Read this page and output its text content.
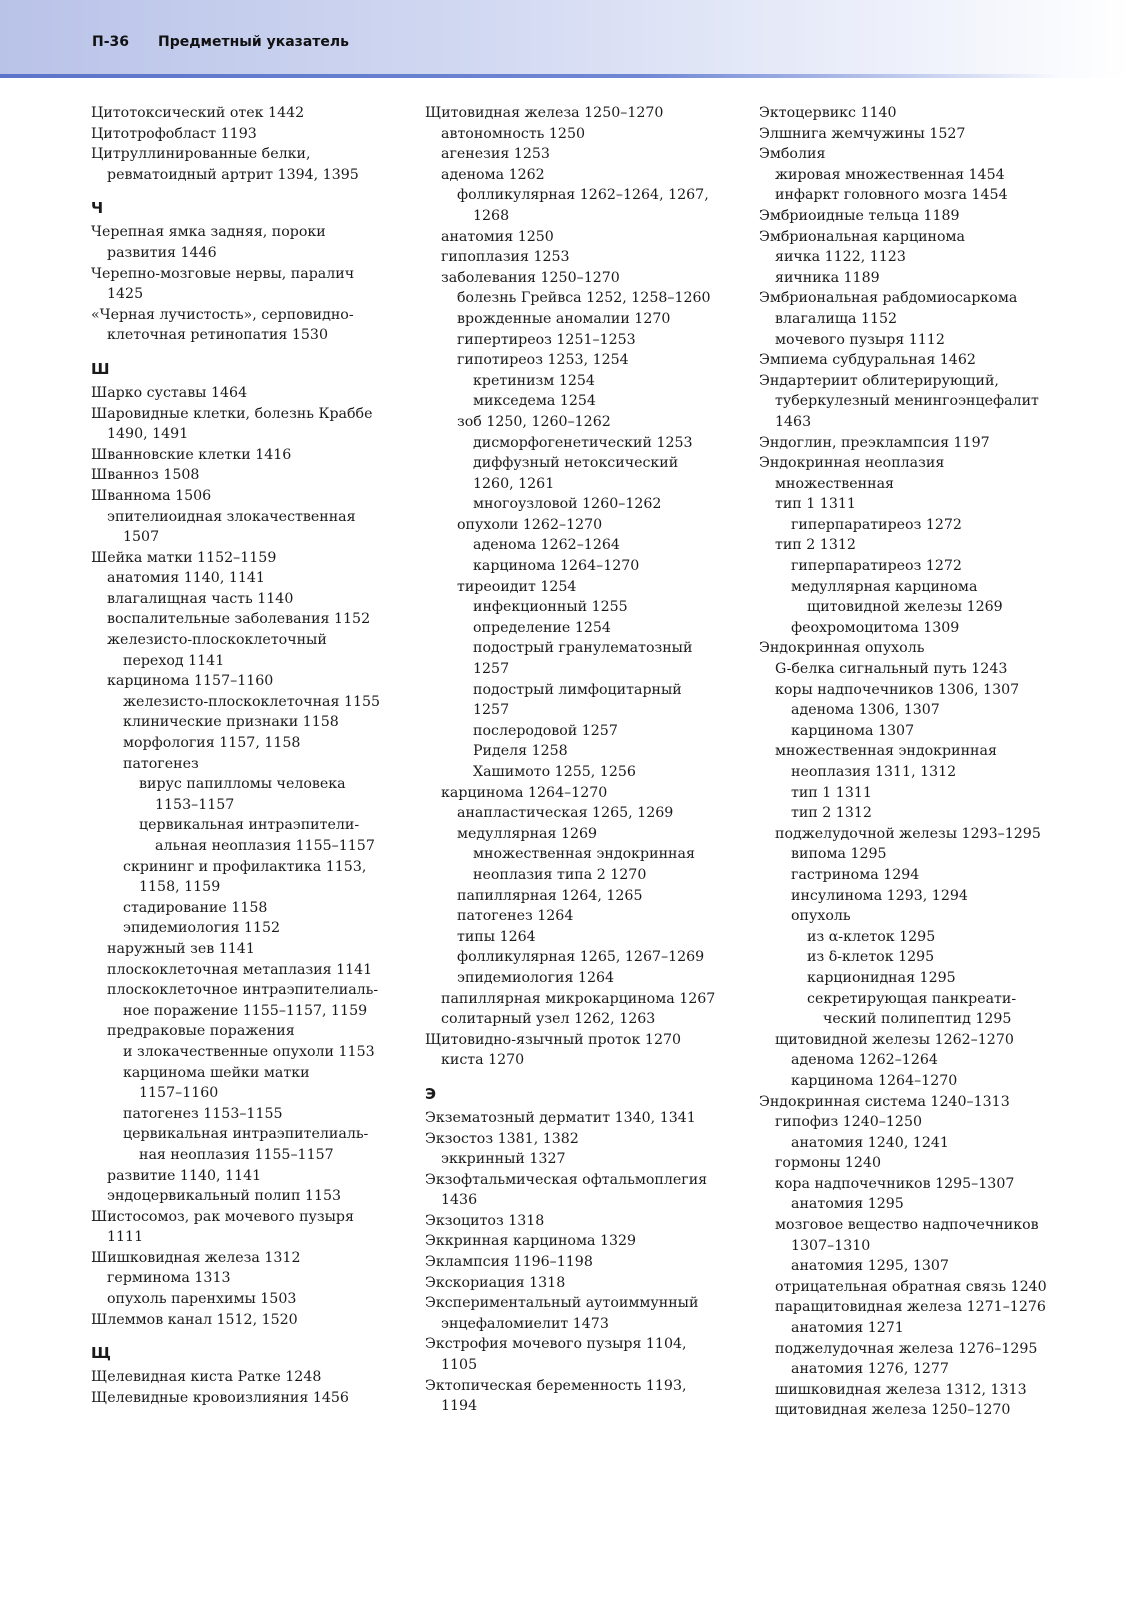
П-36 Предметный указатель
Цитотоксический отек 1442
Цитотрофобласт 1193
Цитруллинированные белки,
ревматоидный артрит 1394, 1395
Ч
Черепная ямка задняя, пороки
развития 1446
Черепно-мозговые нервы, паралич
1425
«Черная лучистость», серповидно-
клеточная ретинопатия 1530
Ш
Шарко суставы 1464
Шаровидные клетки, болезнь Краббе
1490, 1491
Шванновские клетки 1416
Шванноз 1508
Шваннома 1506
эпителиоидная злокачественная
1507
Шейка матки 1152–1159
анатомия 1140, 1141
влагалищная часть 1140
воспалительные заболевания 1152
железисто-плоскоклеточный
переход 1141
карцинома 1157–1160
железисто-плоскоклеточная 1155
клинические признаки 1158
морфология 1157, 1158
патогенез
вирус папилломы человека
1153–1157
цервикальная интраэпители-
альная неоплазия 1155–1157
скрининг и профилактика 1153,
1158, 1159
стадирование 1158
эпидемиология 1152
наружный зев 1141
плоскоклеточная метаплазия 1141
плоскоклеточное интраэпителиаль-
ное поражение 1155–1157, 1159
предраковые поражения
и злокачественные опухоли 1153
карцинома шейки матки
1157–1160
патогенез 1153–1155
цервикальная интраэпителиаль-
ная неоплазия 1155–1157
развитие 1140, 1141
эндоцервикальный полип 1153
Шистосомоз, рак мочевого пузыря
1111
Шишковидная железа 1312
герминома 1313
опухоль паренхимы 1503
Шлеммов канал 1512, 1520
Щ
Щелевидная киста Ратке 1248
Щелевидные кровоизлияния 1456
Щитовидная железа 1250–1270
автономность 1250
агенезия 1253
аденома 1262
фолликулярная 1262–1264, 1267,
1268
анатомия 1250
гипоплазия 1253
заболевания 1250–1270
болезнь Грейвса 1252, 1258–1260
врожденные аномалии 1270
гипертиреоз 1251–1253
гипотиреоз 1253, 1254
кретинизм 1254
микседема 1254
зоб 1250, 1260–1262
дисморфогенетический 1253
диффузный нетоксический
1260, 1261
многоузловой 1260–1262
опухоли 1262–1270
аденома 1262–1264
карцинома 1264–1270
тиреоидит 1254
инфекционный 1255
определение 1254
подострый гранулематозный
1257
подострый лимфоцитарный
1257
послеродовой 1257
Риделя 1258
Хашимото 1255, 1256
карцинома 1264–1270
анапластическая 1265, 1269
медуллярная 1269
множественная эндокринная
неоплазия типа 2 1270
папиллярная 1264, 1265
патогенез 1264
типы 1264
фолликулярная 1265, 1267–1269
эпидемиология 1264
папиллярная микрокарцинома 1267
солитарный узел 1262, 1263
Щитовидно-язычный проток 1270
киста 1270
Э
Экзематозный дерматит 1340, 1341
Экзостоз 1381, 1382
эккринный 1327
Экзофтальмическая офтальмоплегия
1436
Экзоцитоз 1318
Эккринная карцинома 1329
Эклампсия 1196–1198
Экскориация 1318
Экспериментальный аутоиммунный
энцефаломиелит 1473
Экстрофия мочевого пузыря 1104,
1105
Эктопическая беременность 1193,
1194
Эктоцервикс 1140
Элшнига жемчужины 1527
Эмболия
жировая множественная 1454
инфаркт головного мозга 1454
Эмбриоидные тельца 1189
Эмбриональная карцинома
яичка 1122, 1123
яичника 1189
Эмбриональная рабдомиосаркома
влагалища 1152
мочевого пузыря 1112
Эмпиема субдуральная 1462
Эндартериит облитерирующий,
туберкулезный менингоэнцефалит
1463
Эндоглин, преэклампсия 1197
Эндокринная неоплазия
множественная
тип 1 1311
гиперпаратиреоз 1272
тип 2 1312
гиперпаратиреоз 1272
медуллярная карцинома
щитовидной железы 1269
феохромоцитома 1309
Эндокринная опухоль
G-белка сигнальный путь 1243
коры надпочечников 1306, 1307
аденома 1306, 1307
карцинома 1307
множественная эндокринная
неоплазия 1311, 1312
тип 1 1311
тип 2 1312
поджелудочной железы 1293–1295
випома 1295
гастринома 1294
инсулинома 1293, 1294
опухоль
из α-клеток 1295
из δ-клеток 1295
карционидная 1295
секретирующая панкреати-
ческий полипептид 1295
щитовидной железы 1262–1270
аденома 1262–1264
карцинома 1264–1270
Эндокринная система 1240–1313
гипофиз 1240–1250
анатомия 1240, 1241
гормоны 1240
кора надпочечников 1295–1307
анатомия 1295
мозговое вещество надпочечников
1307–1310
анатомия 1295, 1307
отрицательная обратная связь 1240
паращитовидная железа 1271–1276
анатомия 1271
поджелудочная железа 1276–1295
анатомия 1276, 1277
шишковидная железа 1312, 1313
щитовидная железа 1250–1270
